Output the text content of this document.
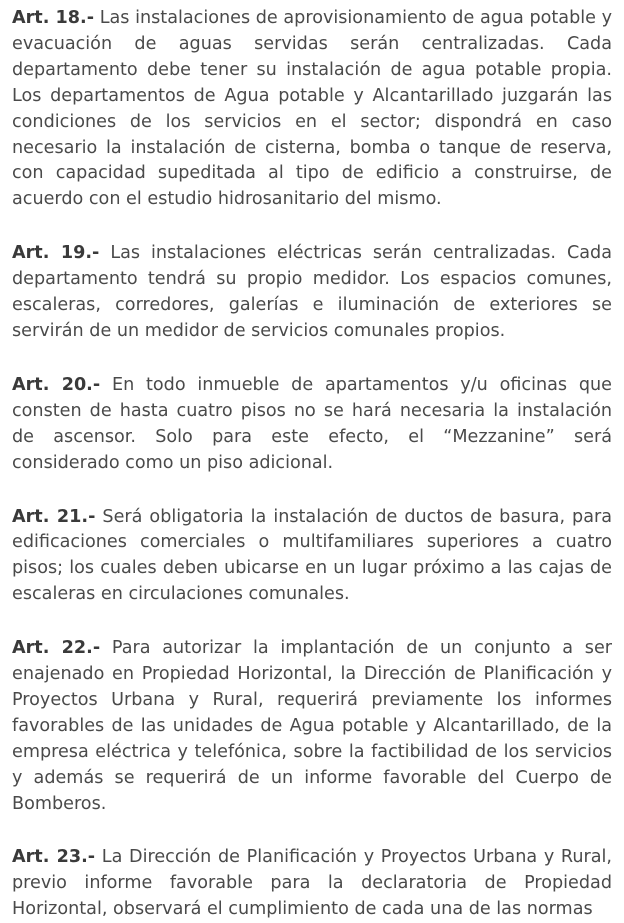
Art. 18.- Las instalaciones de aprovisionamiento de agua potable y evacuación de aguas servidas serán centralizadas. Cada departamento debe tener su instalación de agua potable propia. Los departamentos de Agua potable y Alcantarillado juzgarán las condiciones de los servicios en el sector; dispondrá en caso necesario la instalación de cisterna, bomba o tanque de reserva, con capacidad supeditada al tipo de edificio a construirse, de acuerdo con el estudio hidrosanitario del mismo.

Art. 19.- Las instalaciones eléctricas serán centralizadas. Cada departamento tendrá su propio medidor. Los espacios comunes, escaleras, corredores, galerías e iluminación de exteriores se servirán de un medidor de servicios comunales propios.

Art. 20.- En todo inmueble de apartamentos y/u oficinas que consten de hasta cuatro pisos no se hará necesaria la instalación de ascensor. Solo para este efecto, el “Mezzanine” será considerado como un piso adicional.

Art. 21.- Será obligatoria la instalación de ductos de basura, para edificaciones comerciales o multifamiliares superiores a cuatro pisos; los cuales deben ubicarse en un lugar próximo a las cajas de escaleras en circulaciones comunales.

Art. 22.- Para autorizar la implantación de un conjunto a ser enajenado en Propiedad Horizontal, la Dirección de Planificación y Proyectos Urbana y Rural, requerirá previamente los informes favorables de las unidades de Agua potable y Alcantarillado, de la empresa eléctrica y telefónica, sobre la factibilidad de los servicios y además se requerirá de un informe favorable del Cuerpo de Bomberos.

Art. 23.- La Dirección de Planificación y Proyectos Urbana y Rural, previo informe favorable para la declaratoria de Propiedad Horizontal, observará el cumplimiento de cada una de las normas
